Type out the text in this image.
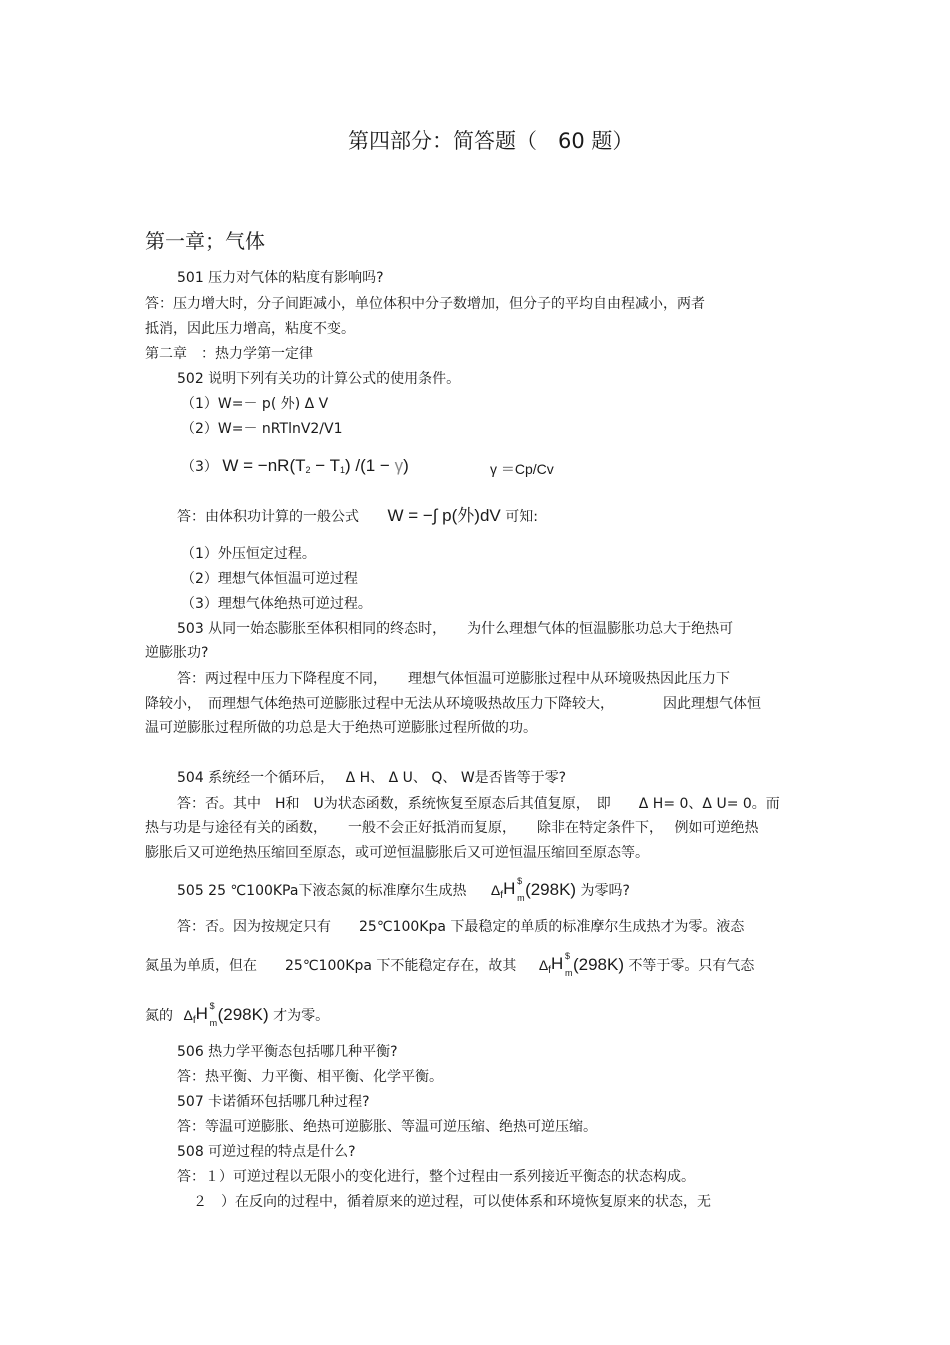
第四部分：简答题（　60 题）
第一章；气体
501 压力对气体的粘度有影响吗?
答：压力增大时，分子间距减小，单位体积中分子数增加，但分子的平均自由程减小，两者
抵消，因此压力增高，粘度不变。
第二章　：热力学第一定律
502 说明下列有关功的计算公式的使用条件。
（1）W=－ p( 外) Δ V
（2）W=－ nRTlnV2/V1
（3） $W = -nR(T_2 - T_1) /(1 - \gamma)$	γ ＝Cp/Cv
答：由体积功计算的一般公式 W = −∫ p(外)dV 可知:
（1）外压恒定过程。
（2）理想气体恒温可逆过程
（3）理想气体绝热可逆过程。
503 从同一始态膨胀至体积相同的终态时，　　为什么理想气体的恒温膨胀功总大于绝热可
逆膨胀功?
答：两过程中压力下降程度不同，　　理想气体恒温可逆膨胀过程中从环境吸热因此压力下
降较小，　而理想气体绝热可逆膨胀过程中无法从环境吸热故压力下降较大，　　　　因此理想气体恒
温可逆膨胀过程所做的功总是大于绝热可逆膨胀过程所做的功。
504 系统经一个循环后，　 Δ H、 Δ U、 Q、 W是否皆等于零?
答：否。其中　H和　U为状态函数，系统恢复至原态后其值复原，　即　　Δ H= 0、Δ U= 0。而
热与功是与途径有关的函数，　　一般不会正好抵消而复原，　　除非在特定条件下，　 例如可逆绝热
膨胀后又可逆绝热压缩回至原态，或可逆恒温膨胀后又可逆恒温压缩回至原态等。
505 25 ℃100KPa下液态氮的标准摩尔生成热 $\Delta_f$ H $
m (298K) 为零吗?
答：否。因为按规定只有　　25℃100Kpa 下最稳定的单质的标准摩尔生成热才为零。液态
氮虽为单质，但在　　25℃100Kpa 下不能稳定存在，故其 $\Delta_f$ H $
m (298K) 不等于零。只有气态
氮的 $\Delta_f$ H $
m (298K) 才为零。
506 热力学平衡态包括哪几种平衡?
答：热平衡、力平衡、相平衡、化学平衡。
507 卡诺循环包括哪几种过程?
答：等温可逆膨胀、绝热可逆膨胀、等温可逆压缩、绝热可逆压缩。
508 可逆过程的特点是什么?
答：１）可逆过程以无限小的变化进行，整个过程由一系列接近平衡态的状态构成。
２　）在反向的过程中，循着原来的逆过程，可以使体系和环境恢复原来的状态，无
